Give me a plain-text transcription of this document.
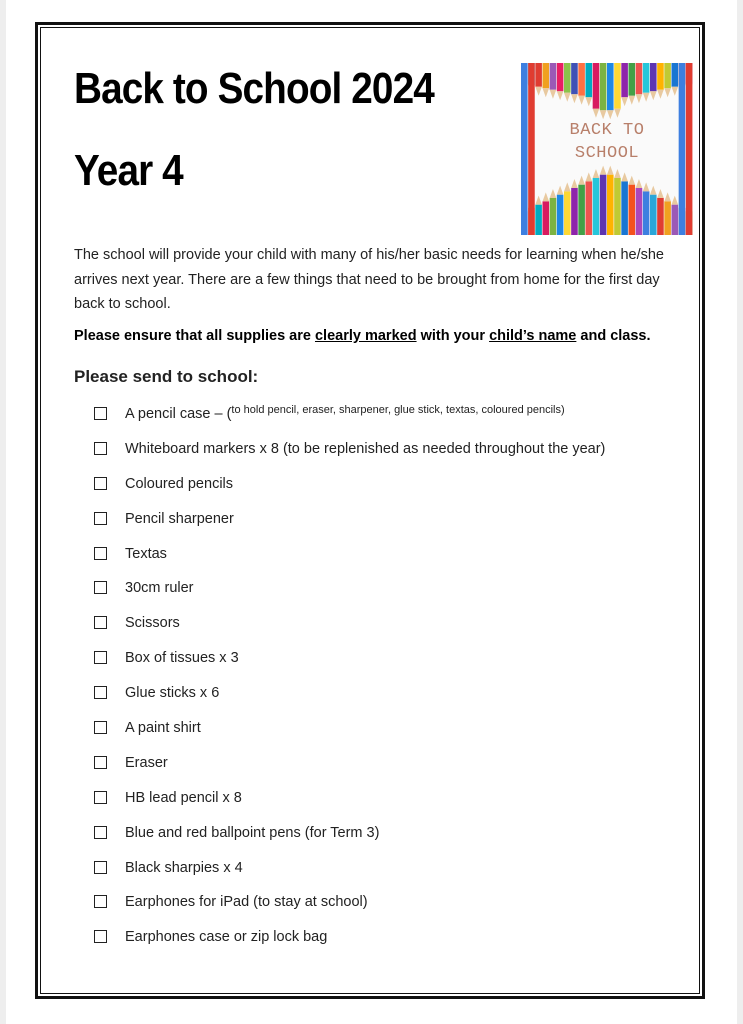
Back to School 2024
Year 4
BACK TO
SCHOOL

The school will provide your child with many of his/her basic needs for learning when he/she arrives next year. There are a few things that need to be brought from home for the first day back to school.

Please ensure that all supplies are clearly marked with your child’s name and class.

Please send to school:
A pencil case – ( to hold pencil, eraser, sharpener, glue stick, textas, coloured pencils)
Whiteboard markers x 8 (to be replenished as needed throughout the year)
Coloured pencils
Pencil sharpener
Textas
30cm ruler
Scissors
Box of tissues x 3
Glue sticks x 6
A paint shirt
Eraser
HB lead pencil x 8
Blue and red ballpoint pens (for Term 3)
Black sharpies x 4
Earphones for iPad (to stay at school)
Earphones case or zip lock bag
